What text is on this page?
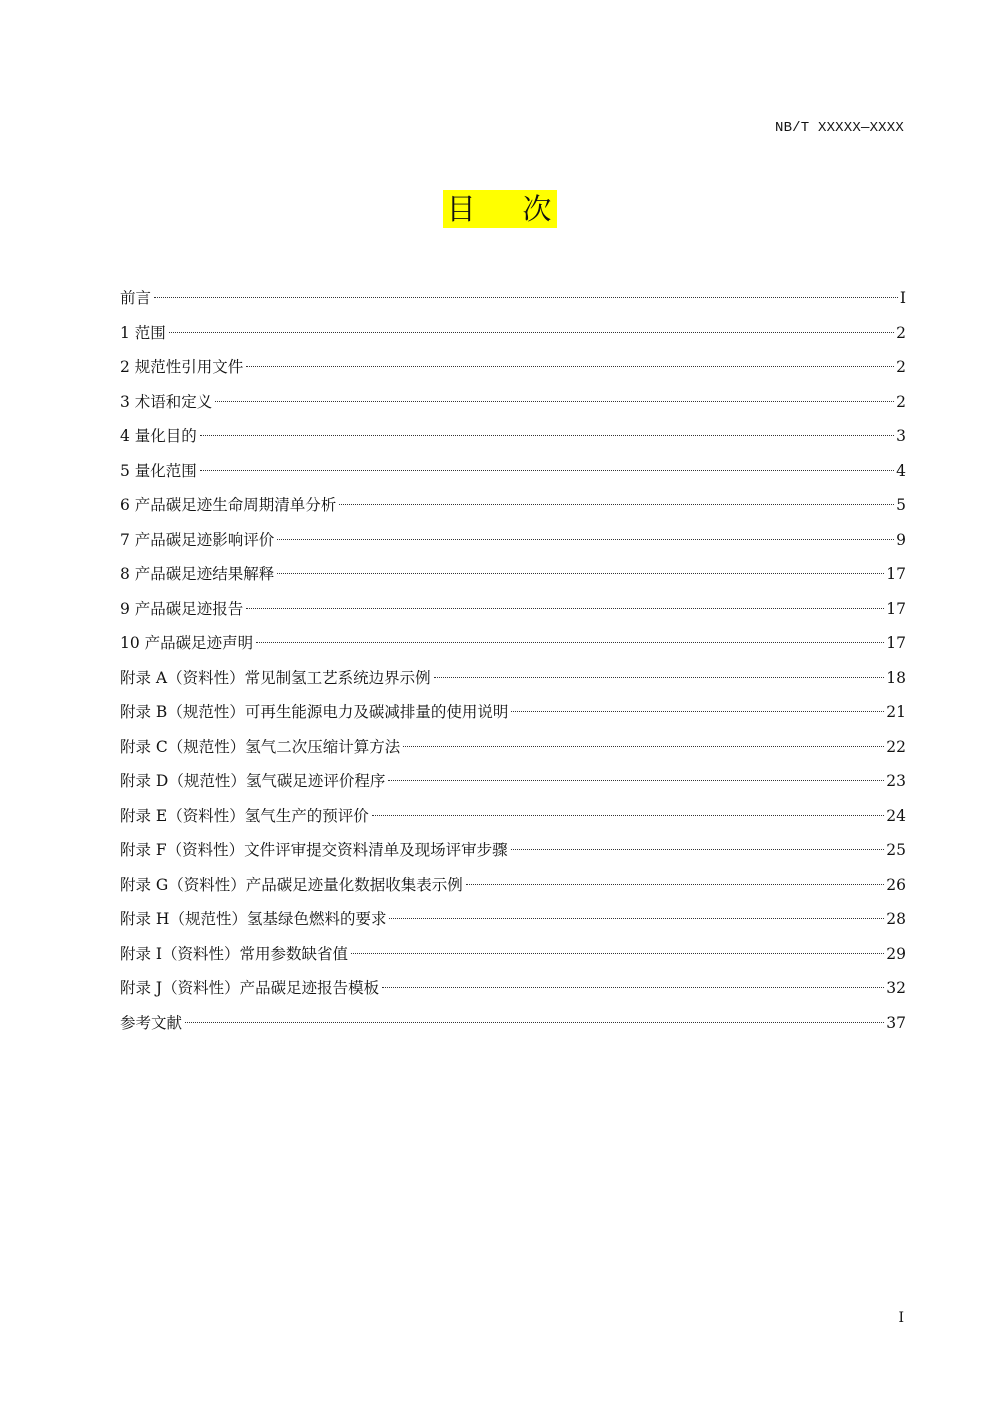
NB/T XXXXX—XXXX
目    次
前言	I
1 范围	2
2 规范性引用文件	2
3 术语和定义	2
4 量化目的	3
5 量化范围	4
6 产品碳足迹生命周期清单分析	5
7 产品碳足迹影响评价	9
8 产品碳足迹结果解释	17
9 产品碳足迹报告	17
10 产品碳足迹声明	17
附录 A（资料性）常见制氢工艺系统边界示例	18
附录 B（规范性）可再生能源电力及碳减排量的使用说明	21
附录 C（规范性）氢气二次压缩计算方法	22
附录 D（规范性）氢气碳足迹评价程序	23
附录 E（资料性）氢气生产的预评价	24
附录 F（资料性）文件评审提交资料清单及现场评审步骤	25
附录 G（资料性）产品碳足迹量化数据收集表示例	26
附录 H（规范性）氢基绿色燃料的要求	28
附录 I（资料性）常用参数缺省值	29
附录 J（资料性）产品碳足迹报告模板	32
参考文献	37
I
